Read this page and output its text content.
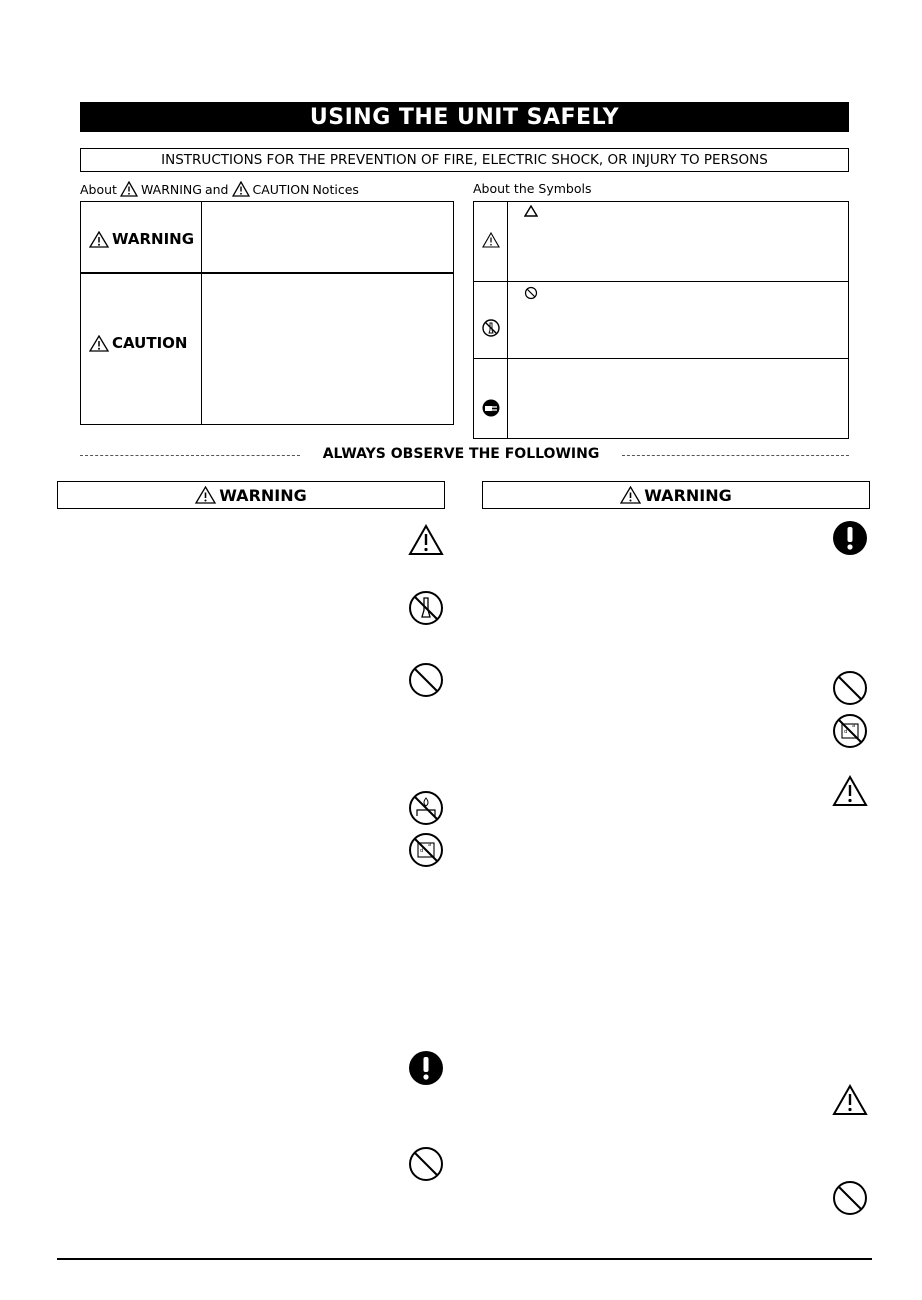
USING THE UNIT SAFELY
INSTRUCTIONS FOR THE PREVENTION OF FIRE, ELECTRIC SHOCK, OR INJURY TO PERSONS
About WARNING and CAUTION Notices	About the Symbols
WARNING
CAUTION
ALWAYS OBSERVE THE FOLLOWING
WARNING	WARNING
d
a
d
a
